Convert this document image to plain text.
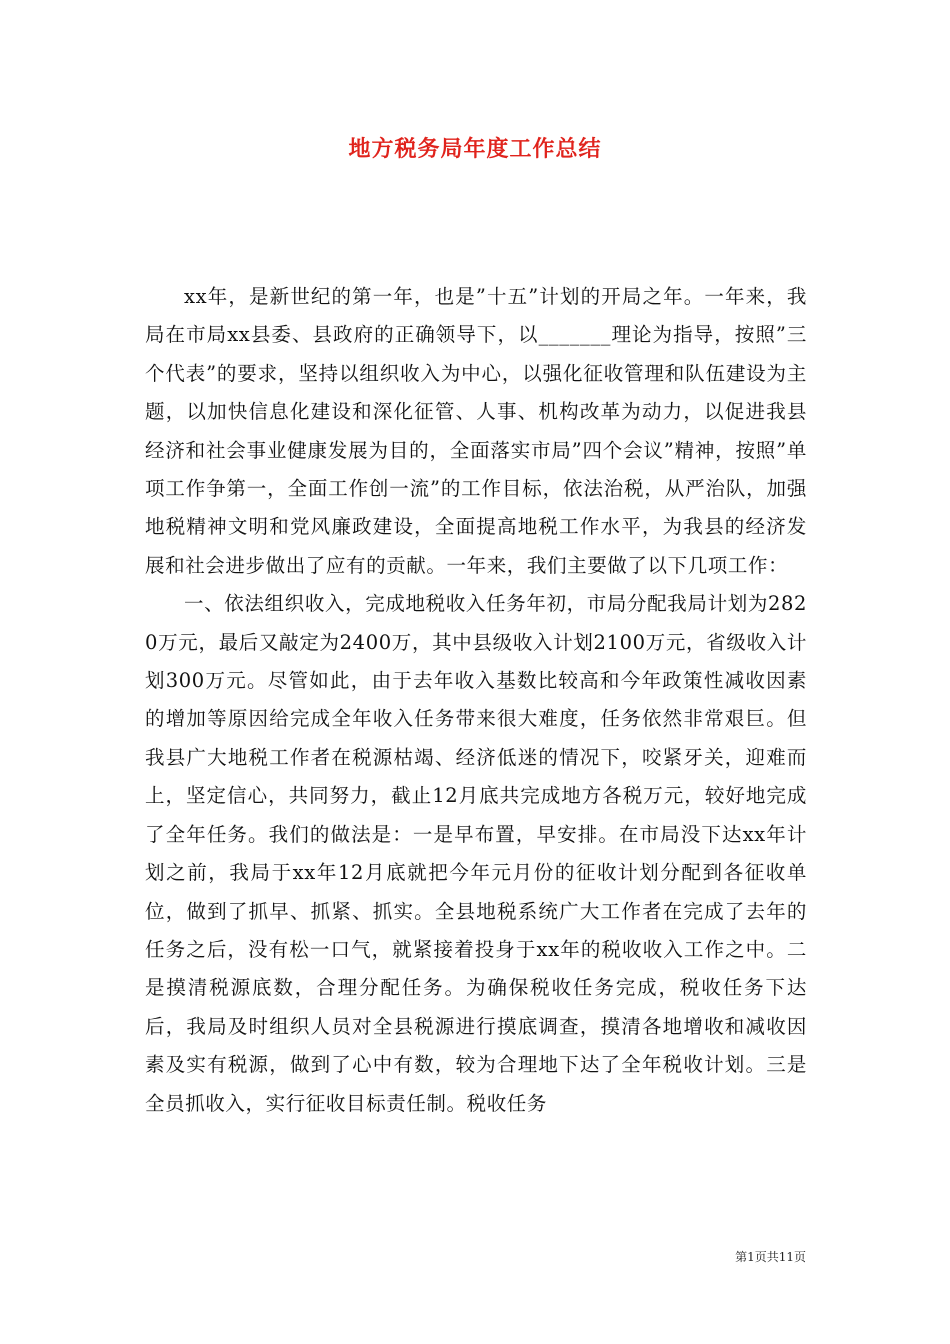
地方税务局年度工作总结

xx年，是新世纪的第一年，也是”十五”计划的开局之年。一年来，我局在市局xx县委、县政府的正确领导下，以_______理论为指导，按照”三个代表”的要求，坚持以组织收入为中心，以强化征收管理和队伍建设为主题，以加快信息化建设和深化征管、人事、机构改革为动力，以促进我县经济和社会事业健康发展为目的，全面落实市局”四个会议”精神，按照”单项工作争第一，全面工作创一流”的工作目标，依法治税，从严治队，加强地税精神文明和党风廉政建设，全面提高地税工作水平，为我县的经济发展和社会进步做出了应有的贡献。一年来，我们主要做了以下几项工作：

一、依法组织收入，完成地税收入任务年初，市局分配我局计划为2820万元，最后又敲定为2400万，其中县级收入计划2100万元，省级收入计划300万元。尽管如此，由于去年收入基数比较高和今年政策性减收因素的增加等原因给完成全年收入任务带来很大难度，任务依然非常艰巨。但我县广大地税工作者在税源枯竭、经济低迷的情况下，咬紧牙关，迎难而上，坚定信心，共同努力，截止12月底共完成地方各税万元，较好地完成了全年任务。我们的做法是：一是早布置，早安排。在市局没下达xx年计划之前，我局于xx年12月底就把今年元月份的征收计划分配到各征收单位，做到了抓早、抓紧、抓实。全县地税系统广大工作者在完成了去年的任务之后，没有松一口气，就紧接着投身于xx年的税收收入工作之中。二是摸清税源底数，合理分配任务。为确保税收任务完成，税收任务下达后，我局及时组织人员对全县税源进行摸底调查，摸清各地增收和减收因素及实有税源，做到了心中有数，较为合理地下达了全年税收计划。三是全员抓收入，实行征收目标责任制。税收任务

第1页共11页
